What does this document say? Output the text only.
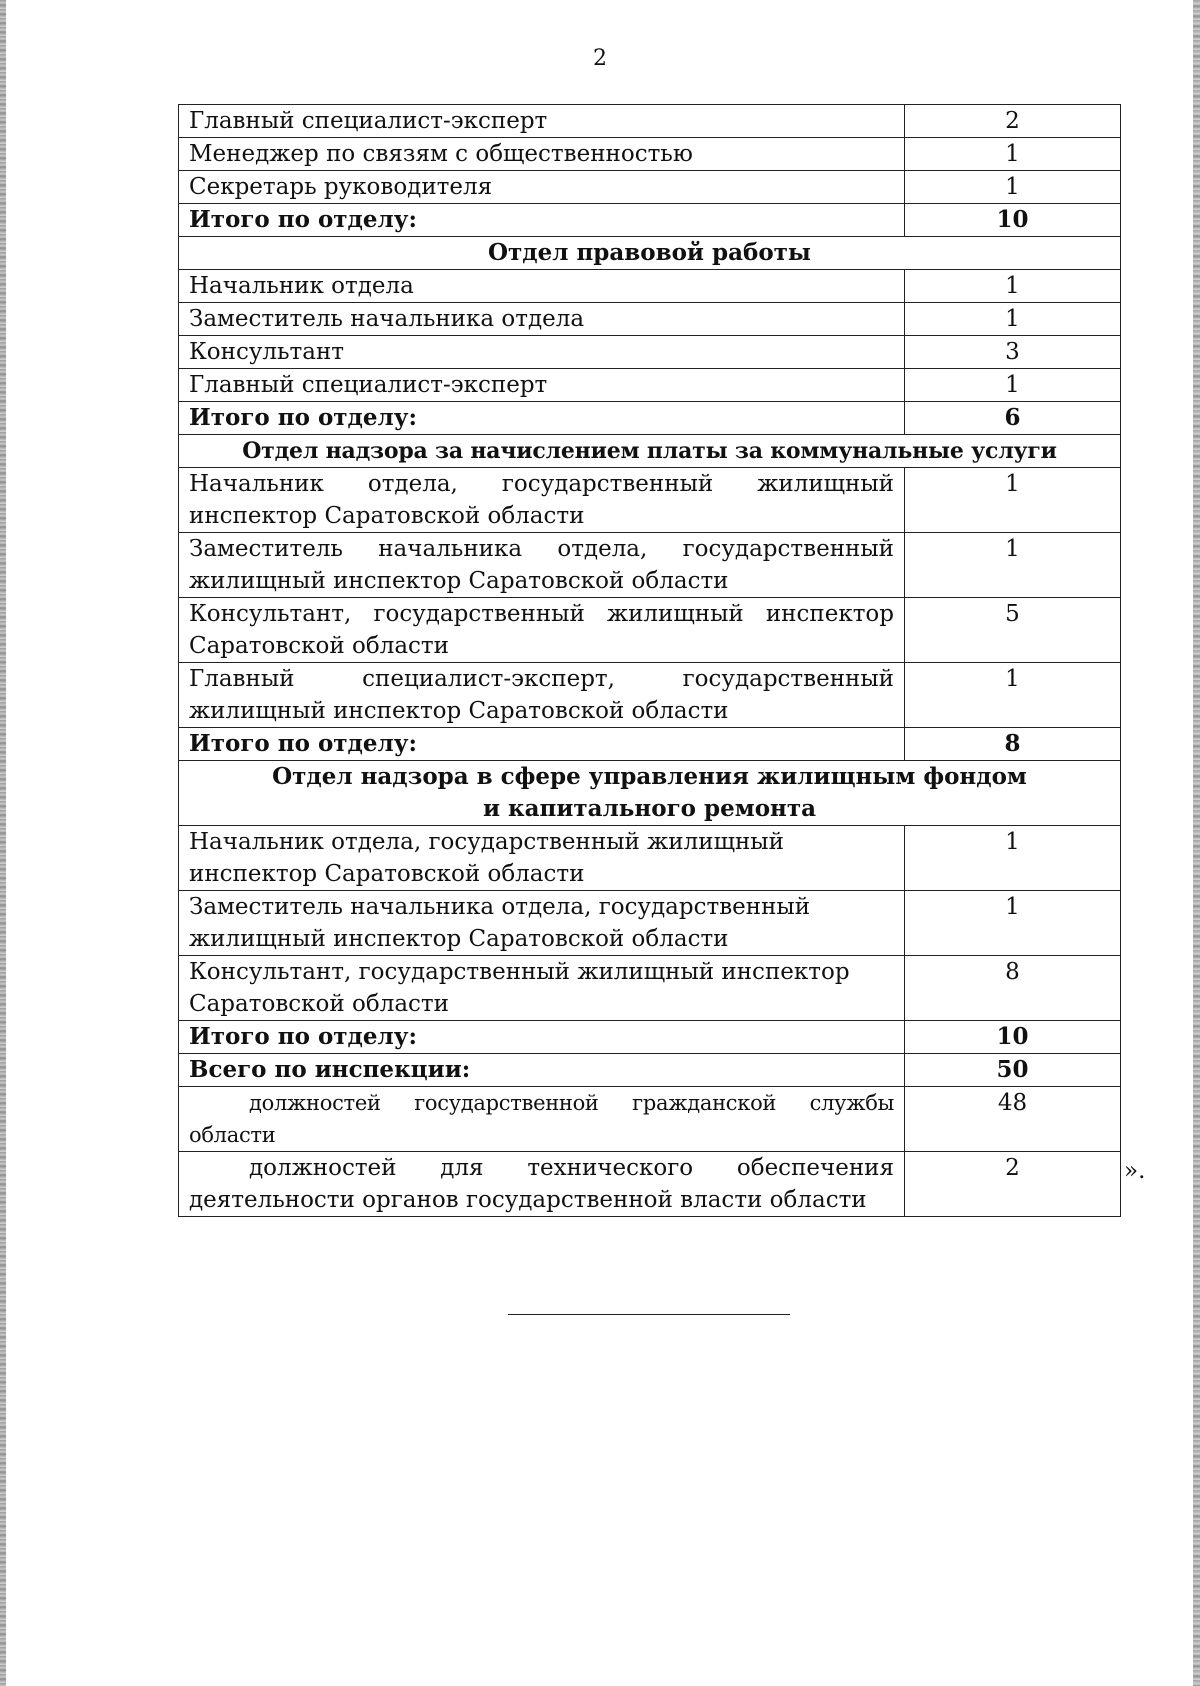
2
Главный специалист-эксперт	2
Менеджер по связям с общественностью	1
Секретарь руководителя	1
Итого по отделу:	10
Отдел правовой работы	
Начальник отдела	1
Заместитель начальника отдела	1
Консультант	3
Главный специалист-эксперт	1
Итого по отделу:	6
Отдел надзора за начислением платы за коммунальные услуги	
Начальник отдела, государственный жилищный инспектор Саратовской области	1
Заместитель начальника отдела, государственный жилищный инспектор Саратовской области	1
Консультант, государственный жилищный инспектор Саратовской области	5
Главный специалист-эксперт, государственный жилищный инспектор Саратовской области	1
Итого по отделу:	8
Отдел надзора в сфере управления жилищным фондом
и капитального ремонта	
Начальник отдела, государственный жилищный
инспектор Саратовской области	1
Заместитель начальника отдела, государственный
жилищный инспектор Саратовской области	1
Консультант, государственный жилищный инспектор
Саратовской области	8
Итого по отделу:	10
Всего по инспекции:	50
должностей государственной гражданской службы области	48
должностей для технического обеспечения деятельности органов государственной власти области	2	».
